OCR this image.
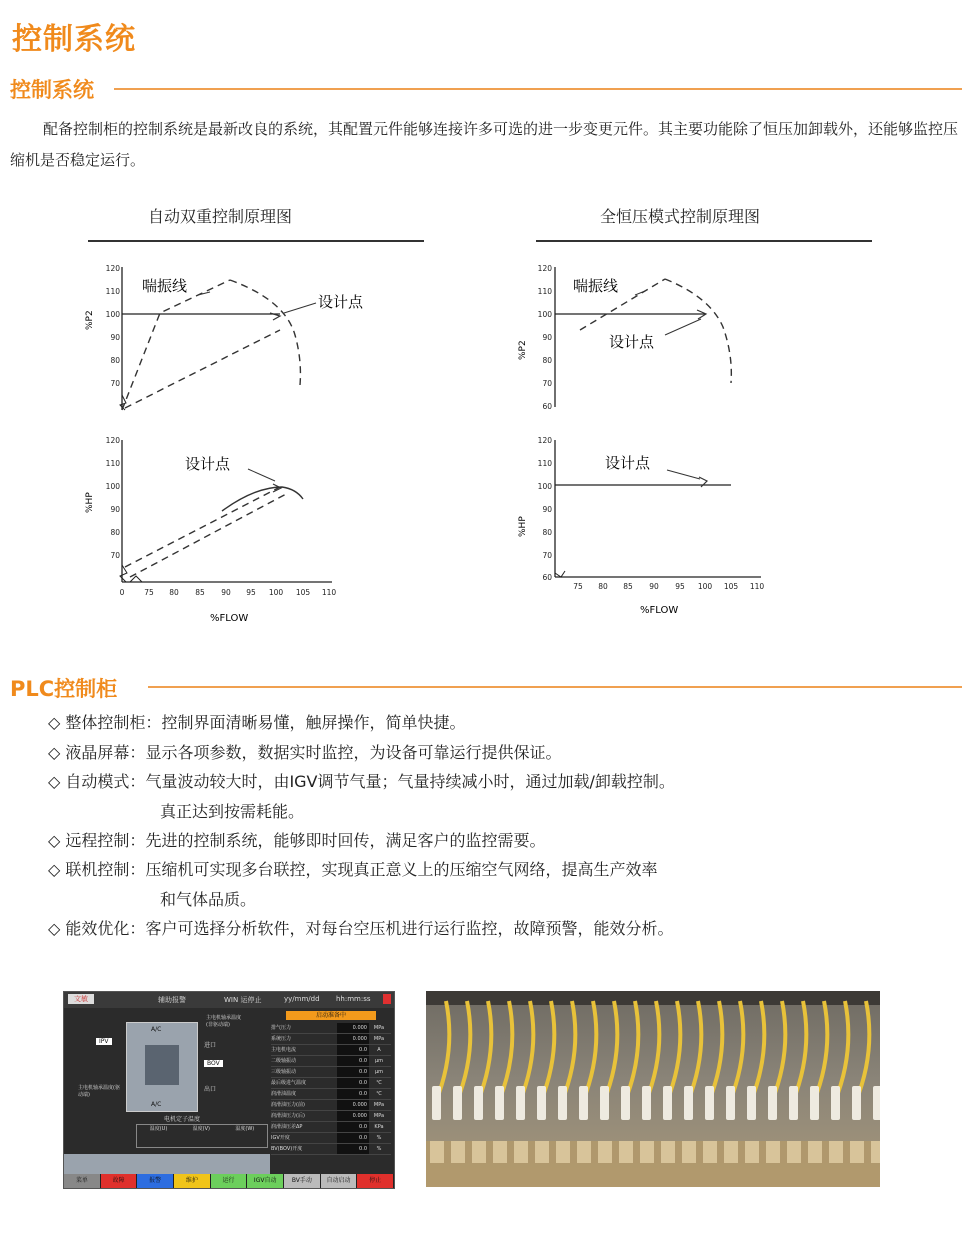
控制系统
控制系统
配备控制柜的控制系统是最新改良的系统，其配置元件能够连接许多可选的进一步变更元件。其主要功能除了恒压加卸载外，还能够监控压缩机是否稳定运行。
自动双重控制原理图	全恒压模式控制原理图
120
110
100
90
80
70
%P2
喘振线
设计点
120
110
100
90
80
70
0	75 80 85 90 95 100 105 110
%HP
%FLOW
设计点
120
110
100
90
80
70
60
%P2
喘振线
设计点
120
110
100
90
80
70
60
75 80 85 90 95 100 105 110
%HP
%FLOW
设计点
PLC控制柜
◇ 整体控制柜：控制界面清晰易懂，触屏操作，简单快捷。
◇ 液晶屏幕：显示各项参数，数据实时监控，为设备可靠运行提供保证。
◇ 自动模式：气量波动较大时，由IGV调节气量；气量持续减小时，通过加载/卸载控制。
真正达到按需耗能。
◇ 远程控制：先进的控制系统，能够即时回传，满足客户的监控需要。
◇ 联机控制：压缩机可实现多台联控，实现真正意义上的压缩空气网络，提高生产效率
和气体品质。
◇ 能效优化：客户可选择分析软件，对每台空压机进行运行监控，故障预警，能效分析。
文敏	辅助报警	WIN 运停止	yy/mm/dd hh:mm:ss
A/C
A/C
IPV
进口
出口
BOV
主电机轴承温度(非驱动端)
主电机轴承温度(驱动端)
电机定子温度
温度(U)	温度(V)	温度(W)
启动准备中
排气压力	0.000	MPa
系统压力	0.000	MPa
主电机电流	0.0	A
二级轴振动	0.0	μm
三级轴振动	0.0	μm
最后级进气温度	0.0	℃
润滑油温度	0.0	℃
润滑油压力(前)	0.000	MPa
润滑油压力(后)	0.000	MPa
润滑油压差ΔP	0.0	KPa
IGV开度	0.0	%
BV(BOV)开度	0.0	%
菜单	故障	报警	维护	运行	IGV自动	BV手动	自动启动	停止
